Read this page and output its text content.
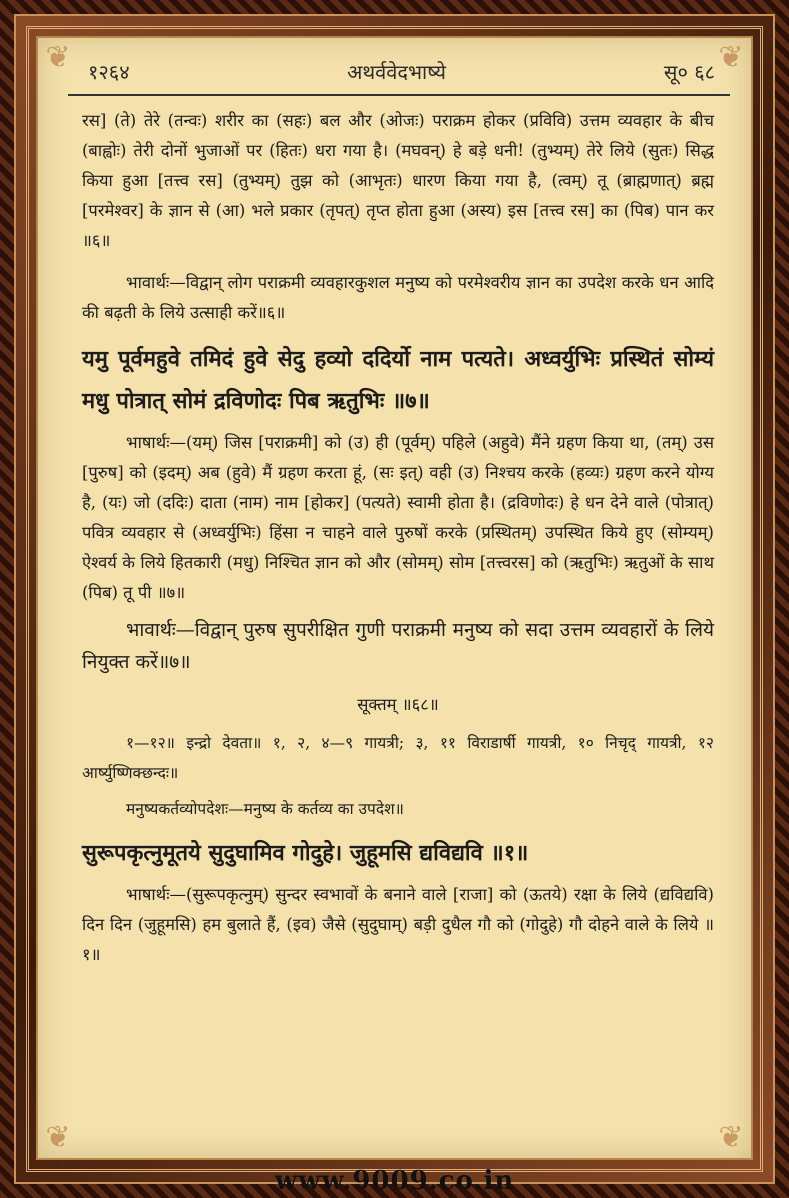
❦	❦
❦	❦
१२६४	अथर्ववेदभाष्ये	सू० ६८

रस] (ते) तेरे (तन्वः) शरीर का (सहः) बल और (ओजः) पराक्रम होकर (प्रविवि) उत्तम व्यवहार के बीच (बाह्वोः) तेरी दोनों भुजाओं पर (हितः) धरा गया है। (मघवन्) हे बड़े धनी! (तुभ्यम्) तेरे लिये (सुतः) सिद्ध किया हुआ [तत्त्व रस] (तुभ्यम्) तुझ को (आभृतः) धारण किया गया है, (त्वम्) तू (ब्राह्मणात्) ब्रह्म [परमेश्वर] के ज्ञान से (आ) भले प्रकार (तृपत्) तृप्त होता हुआ (अस्य) इस [तत्त्व रस] का (पिब) पान कर ॥६॥

भावार्थः—विद्वान् लोग पराक्रमी व्यवहारकुशल मनुष्य को परमेश्वरीय ज्ञान का उपदेश करके धन आदि की बढ़ती के लिये उत्साही करें॥६॥

यमु पूर्वमहुवे तमिदं हुवे सेदु हव्यो ददिर्यो नाम पत्यते। अध्वर्युभिः प्रस्थितं सोम्यं मधु पोत्रात् सोमं द्रविणोदः पिब ऋतुभिः ॥७॥

भाषार्थः—(यम्) जिस [पराक्रमी] को (उ) ही (पूर्वम्) पहिले (अहुवे) मैंने ग्रहण किया था, (तम्) उस [पुरुष] को (इदम्) अब (हुवे) मैं ग्रहण करता हूं, (सः इत्) वही (उ) निश्चय करके (हव्यः) ग्रहण करने योग्य है, (यः) जो (ददिः) दाता (नाम) नाम [होकर] (पत्यते) स्वामी होता है। (द्रविणोदः) हे धन देने वाले (पोत्रात्) पवित्र व्यवहार से (अध्वर्युभिः) हिंसा न चाहने वाले पुरुषों करके (प्रस्थितम्) उपस्थित किये हुए (सोम्यम्) ऐश्वर्य के लिये हितकारी (मधु) निश्चित ज्ञान को और (सोमम्) सोम [तत्त्वरस] को (ऋतुभिः) ऋतुओं के साथ (पिब) तू पी ॥७॥

भावार्थः—विद्वान् पुरुष सुपरीक्षित गुणी पराक्रमी मनुष्य को सदा उत्तम व्यवहारों के लिये नियुक्त करें॥७॥

सूक्तम् ॥६८॥

१—१२॥ इन्द्रो देवता॥ १, २, ४—९ गायत्री; ३, ११ विराडार्षी गायत्री, १० निचृद् गायत्री, १२ आर्ष्युष्णिक्छन्दः॥

मनुष्यकर्तव्योपदेशः—मनुष्य के कर्तव्य का उपदेश॥

सुरूपकृत्नुमूतये सुदुघामिव गोदुहे। जुहूमसि द्यविद्यवि ॥१॥

भाषार्थः—(सुरूपकृत्नुम्) सुन्दर स्वभावों के बनाने वाले [राजा] को (ऊतये) रक्षा के लिये (द्यविद्यवि) दिन दिन (जुहूमसि) हम बुलाते हैं, (इव) जैसे (सुदुघाम्) बड़ी दुधैल गौ को (गोदुहे) गौ दोहने वाले के लिये ॥१॥

www.9009.co.in
